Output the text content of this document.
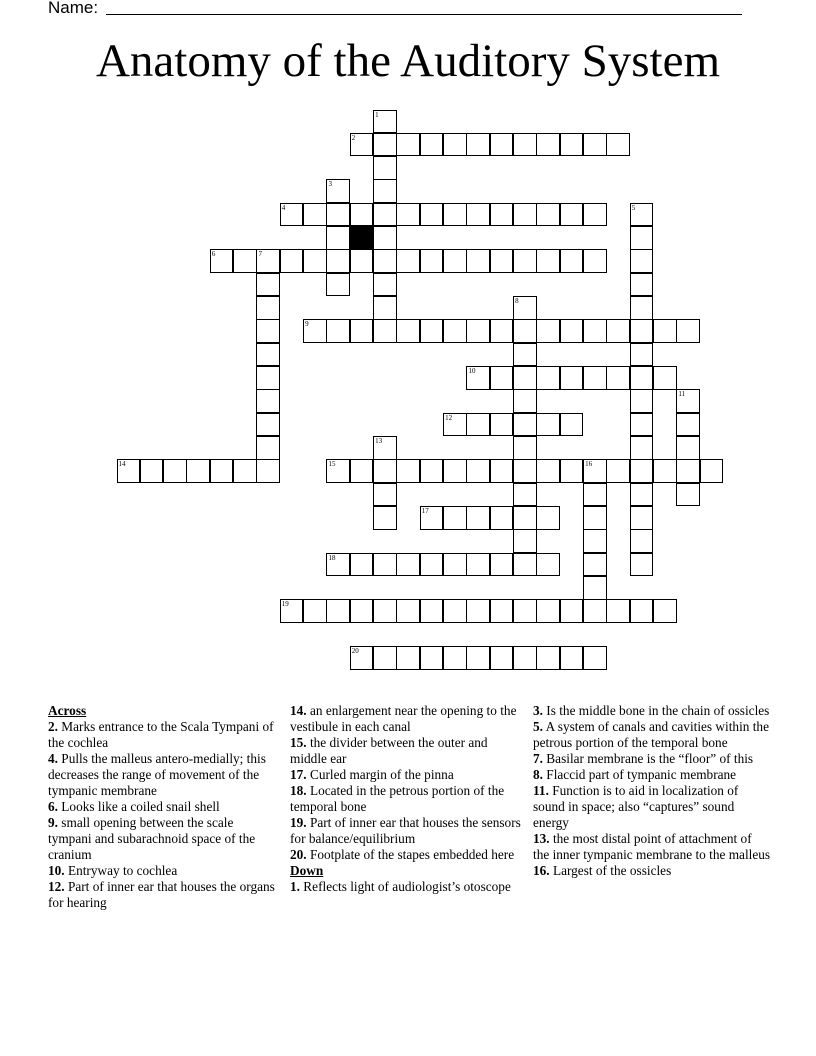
Name:
Anatomy of the Auditory System
1
2
3
4	5
6	7
8
9
10
11
12
13
14	15	16
17
18
19
20
Across
2. Marks entrance to the Scala Tympani of the cochlea
4. Pulls the malleus antero-medially; this decreases the range of movement of the tympanic membrane
6. Looks like a coiled snail shell
9. small opening between the scale tympani and subarachnoid space of the cranium
10. Entryway to cochlea
12. Part of inner ear that houses the organs for hearing
14. an enlargement near the opening to the vestibule in each canal
15. the divider between the outer and middle ear
17. Curled margin of the pinna
18. Located in the petrous portion of the temporal bone
19. Part of inner ear that houses the sensors for balance/equilibrium
20. Footplate of the stapes embedded here
Down
1. Reflects light of audiologist’s otoscope
3. Is the middle bone in the chain of ossicles
5. A system of canals and cavities within the petrous portion of the temporal bone
7. Basilar membrane is the “floor” of this
8. Flaccid part of tympanic membrane
11. Function is to aid in localization of sound in space; also “captures” sound energy
13. the most distal point of attachment of the inner tympanic membrane to the malleus
16. Largest of the ossicles
